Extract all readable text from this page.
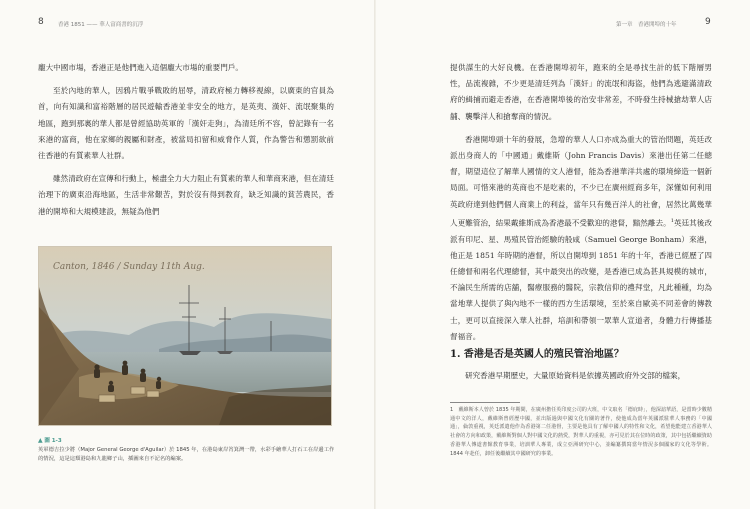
8	香港 1851 —— 華人富商書的沉浮

龐大中國市場，香港正是他們進入這個龐大市場的重要門戶。

至於內地的華人，因鴉片戰爭戰敗的屈辱，清政府極力轉移視線，以廣東的官員為首，向有知識和富裕階層的居民遊輸香港並非安全的地方，是英夷、漢奸、流氓聚集的地區，跑到那裏的華人都是曾經協助英軍的「漢奸走狗」，為清廷所不容，曾記錄有一名來港的富商，他在家鄉的親屬和財產，被當局扣留和威脅作人質，作為警告和懲罰欲前往香港的有質素華人社群。

雖然清政府在宣傳和行動上，極盡全力大力阻止有質素的華人和華商來港，但在清廷治理下的廣東沿海地區，生活非常艱苦，對於沒有得到教育，缺乏知識的貧苦農民，香港的開埠和大規模建設，無疑為他們

Canton, 1846 / Sunday 11th Aug.
▲ 圖 1-3
英軍德吉拉少將（Major General George d'Aguilar）於 1845 年，在港島東岸筲箕灣一帶，水彩手繪華人打石工在岸邊工作的情況，這是這頹港島和九龍鄉子山，插圖來自不記名的編案。
第一章　香港開埠的十年	9

提供謀生的大好良機。在香港開埠初年，跑來的全是尋找生計的低下階層男性，品流複雜，不少更是清廷列為「漢奸」的流氓和海盜，他們為逃避滿清政府的緝捕而避走香港，在香港開埠後的治安非常差，不時發生持械搶劫華人店舖、襲擊洋人和搶奪商的情況。

香港開埠頭十年的發展，急增的華人人口亦成為重大的管治問題，英廷改派出身商人的「中國通」戴維斯（John Francis Davis）來港出任第二任總督，期望這位了解華人國情的文人港督，能為香港華洋共處的環境締造一個新局面。可惜來港的英商也不是吃素的，不少已在廣州經商多年，深懂如何利用英政府達到他們個人商業上的利益，當年只有幾百洋人的社會，居然比萬幾華人更難管治，結果戴維斯成為香港最不受歡迎的港督，黯然離去。$^1$英廷其後改派有印尼、星、馬殖民管治經驗的般咸（Samuel George Bonham）來港，他正是 1851 年時期的港督，所以自開埠到 1851 年的十年，香港已經歷了四任總督和兩名代理總督，其中最突出的改變，是香港已成為甚具規模的城市，不論民生所需的店舖，醫療服務的醫院，宗教信仰的禮拜堂，凡此種種，均為當地華人提供了與內地不一樣的西方生活環境，至於來自歐美不同差會的傳教士，更可以直接深入華人社群，培訓和帶領一眾華人宣道者，身體力行傳播基督福音。

1. 香港是否是英國人的殖民管治地區？

研究香港早期歷史，大量原始資料是依據英國政府外交部的檔案，

1　戴維斯本人曾於 1835 年期間，在廣州擔任英印度公司的大班，中文取名「德庇時」，他深諳華語，是當時少數精通中文的洋人，戴維斯曾經歷中國，並出版過與中國文化有關的著作，使他成為當年英國派駐華人事務的「中國通」，倫敦重視，英廷派遣他作為香港第二任港督，主要是他具有了解中國人的特性和文化，希望他能建立香港華人社會的方向和政策，戴維斯對個人對中國文化的熱愛，對華人的重視，亦可見於其在位時的政策，其中包括繼續資助香港華人傳道書館教育事業，培訓華人專業，成立亞洲研究中心，並編纂撰寫當年情況多個國家的文化等學術。1844 年赴任，卸任後繼續其中國研究的事業。
